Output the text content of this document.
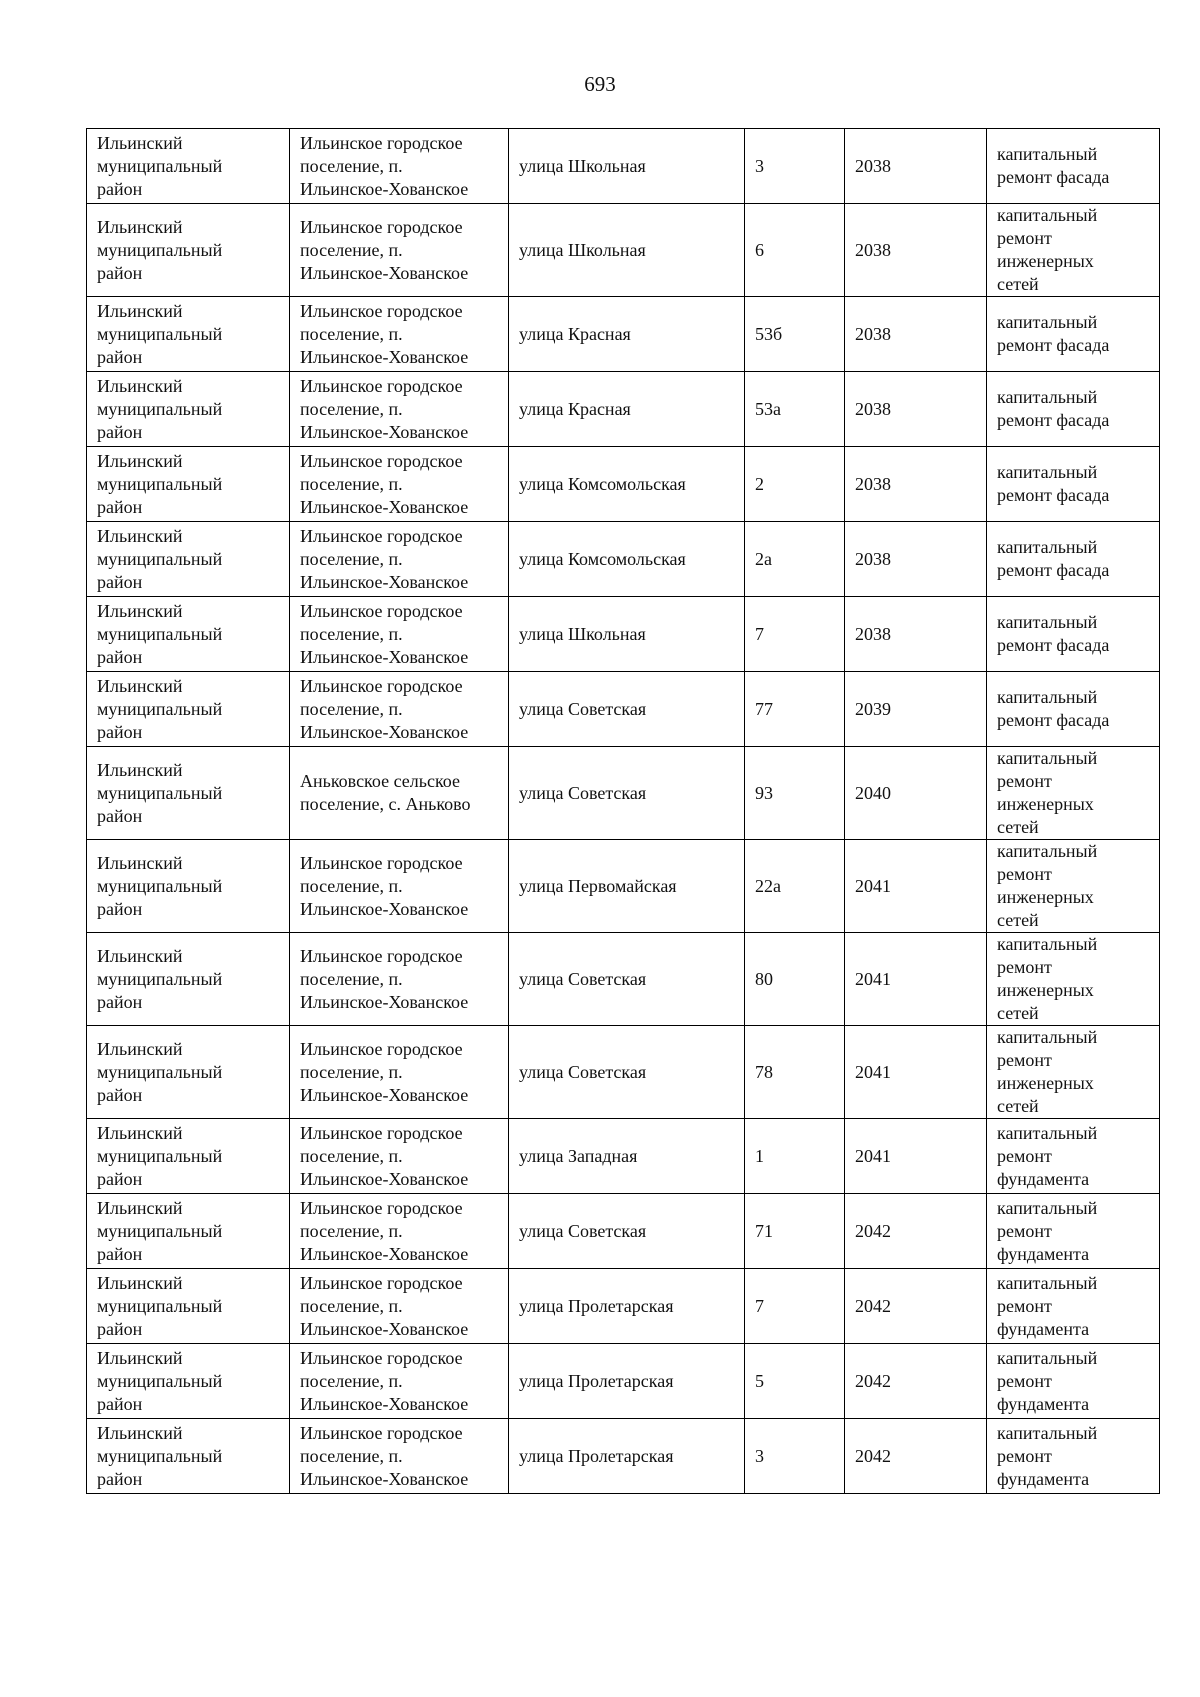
693
Ильинский
муниципальный
район	Ильинское городское
поселение, п.
Ильинское-Хованское	улица Школьная	3	2038	капитальный
ремонт фасада

Ильинский
муниципальный
район	Ильинское городское
поселение, п.
Ильинское-Хованское	улица Школьная	6	2038	капитальный
ремонт
инженерных
сетей

Ильинский
муниципальный
район	Ильинское городское
поселение, п.
Ильинское-Хованское	улица Красная	53б	2038	капитальный
ремонт фасада

Ильинский
муниципальный
район	Ильинское городское
поселение, п.
Ильинское-Хованское	улица Красная	53а	2038	капитальный
ремонт фасада

Ильинский
муниципальный
район	Ильинское городское
поселение, п.
Ильинское-Хованское	улица Комсомольская	2	2038	капитальный
ремонт фасада

Ильинский
муниципальный
район	Ильинское городское
поселение, п.
Ильинское-Хованское	улица Комсомольская	2а	2038	капитальный
ремонт фасада

Ильинский
муниципальный
район	Ильинское городское
поселение, п.
Ильинское-Хованское	улица Школьная	7	2038	капитальный
ремонт фасада

Ильинский
муниципальный
район	Ильинское городское
поселение, п.
Ильинское-Хованское	улица Советская	77	2039	капитальный
ремонт фасада

Ильинский
муниципальный
район	Аньковское сельское
поселение, с. Аньково	улица Советская	93	2040	капитальный
ремонт
инженерных
сетей

Ильинский
муниципальный
район	Ильинское городское
поселение, п.
Ильинское-Хованское	улица Первомайская	22а	2041	капитальный
ремонт
инженерных
сетей

Ильинский
муниципальный
район	Ильинское городское
поселение, п.
Ильинское-Хованское	улица Советская	80	2041	капитальный
ремонт
инженерных
сетей

Ильинский
муниципальный
район	Ильинское городское
поселение, п.
Ильинское-Хованское	улица Советская	78	2041	капитальный
ремонт
инженерных
сетей

Ильинский
муниципальный
район	Ильинское городское
поселение, п.
Ильинское-Хованское	улица Западная	1	2041	капитальный
ремонт
фундамента

Ильинский
муниципальный
район	Ильинское городское
поселение, п.
Ильинское-Хованское	улица Советская	71	2042	капитальный
ремонт
фундамента

Ильинский
муниципальный
район	Ильинское городское
поселение, п.
Ильинское-Хованское	улица Пролетарская	7	2042	капитальный
ремонт
фундамента

Ильинский
муниципальный
район	Ильинское городское
поселение, п.
Ильинское-Хованское	улица Пролетарская	5	2042	капитальный
ремонт
фундамента

Ильинский
муниципальный
район	Ильинское городское
поселение, п.
Ильинское-Хованское	улица Пролетарская	3	2042	капитальный
ремонт
фундамента
